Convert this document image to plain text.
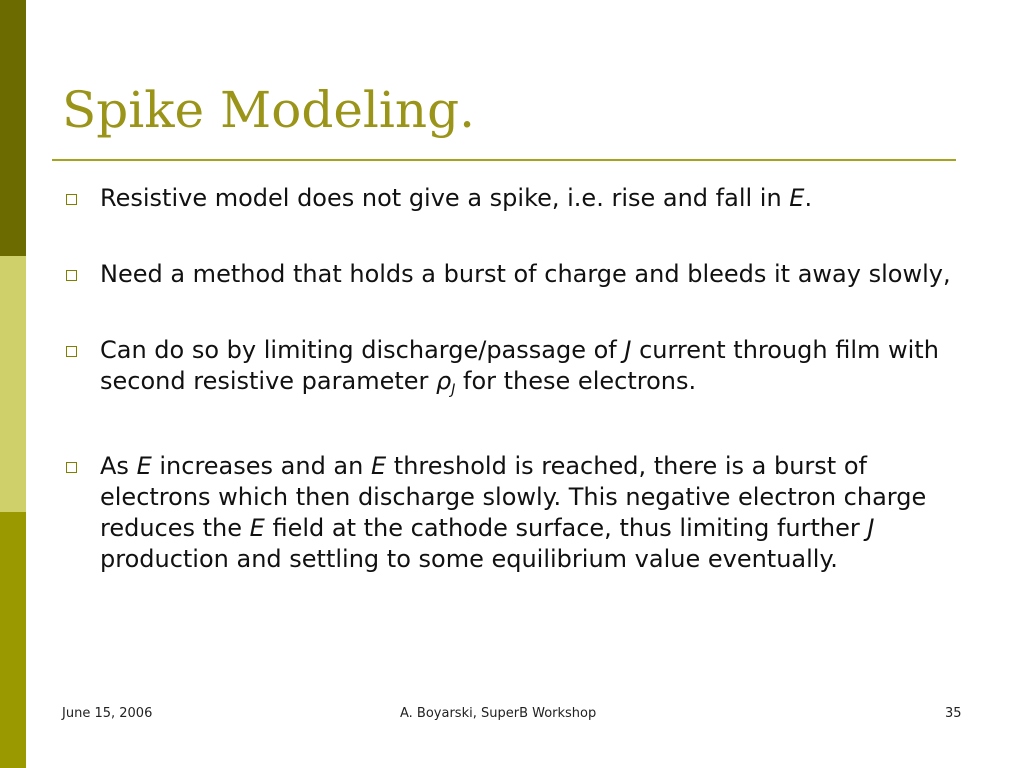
Spike Modeling.
Resistive model does not give a spike, i.e. rise and fall in E.
Need a method that holds a burst of charge and bleeds it away slowly,
Can do so by limiting discharge/passage of J current through film with second resistive parameter $\rho_J$ for these electrons.
As E increases and an E threshold is reached, there is a burst of electrons which then discharge slowly. This negative electron charge reduces the E field at the cathode surface, thus limiting further J production and settling to some equilibrium value eventually.
June 15, 2006	A. Boyarski, SuperB Workshop	35
